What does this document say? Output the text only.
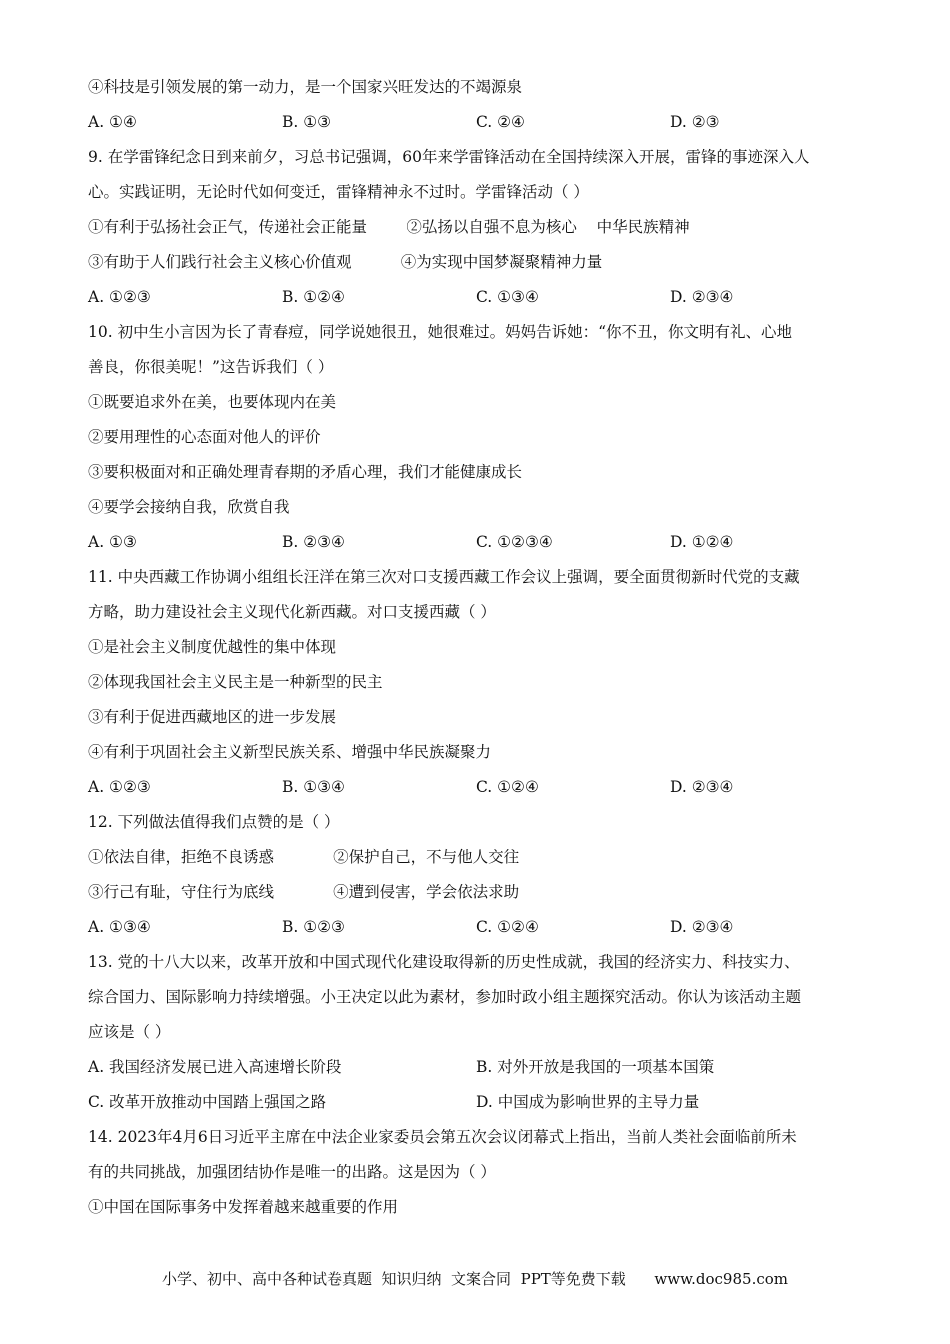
④科技是引领发展的第一动力，是一个国家兴旺发达的不竭源泉
A. ①④	B. ①③	C. ②④	D. ②③
9. 在学雷锋纪念日到来前夕，习总书记强调，60年来学雷锋活动在全国持续深入开展，雷锋的事迹深入人
心。实践证明，无论时代如何变迁，雷锋精神永不过时。学雷锋活动（ ）
①有利于弘扬社会正气，传递社会正能量        ②弘扬以自强不息为核心    中华民族精神
③有助于人们践行社会主义核心价值观          ④为实现中国梦凝聚精神力量
A. ①②③	B. ①②④	C. ①③④	D. ②③④
10. 初中生小言因为长了青春痘，同学说她很丑，她很难过。妈妈告诉她：“你不丑，你文明有礼、心地
善良，你很美呢！”这告诉我们（ ）
①既要追求外在美，也要体现内在美
②要用理性的心态面对他人的评价
③要积极面对和正确处理青春期的矛盾心理，我们才能健康成长
④要学会接纳自我，欣赏自我
A. ①③	B. ②③④	C. ①②③④	D. ①②④
11. 中央西藏工作协调小组组长汪洋在第三次对口支援西藏工作会议上强调，要全面贯彻新时代党的支藏
方略，助力建设社会主义现代化新西藏。对口支援西藏（ ）
①是社会主义制度优越性的集中体现
②体现我国社会主义民主是一种新型的民主
③有利于促进西藏地区的进一步发展
④有利于巩固社会主义新型民族关系、增强中华民族凝聚力
A. ①②③	B. ①③④	C. ①②④	D. ②③④
12. 下列做法值得我们点赞的是（ ）
①依法自律，拒绝不良诱惑            ②保护自己，不与他人交往
③行己有耻，守住行为底线            ④遭到侵害，学会依法求助
A. ①③④	B. ①②③	C. ①②④	D. ②③④
13. 党的十八大以来，改革开放和中国式现代化建设取得新的历史性成就，我国的经济实力、科技实力、
综合国力、国际影响力持续增强。小王决定以此为素材，参加时政小组主题探究活动。你认为该活动主题
应该是（ ）
A. 我国经济发展已进入高速增长阶段	B. 对外开放是我国的一项基本国策
C. 改革开放推动中国踏上强国之路	D. 中国成为影响世界的主导力量
14. 2023年4月6日习近平主席在中法企业家委员会第五次会议闭幕式上指出，当前人类社会面临前所未
有的共同挑战，加强团结协作是唯一的出路。这是因为（ ）
①中国在国际事务中发挥着越来越重要的作用
小学、初中、高中各种试卷真题  知识归纳  文案合同  PPT等免费下载      www.doc985.com
